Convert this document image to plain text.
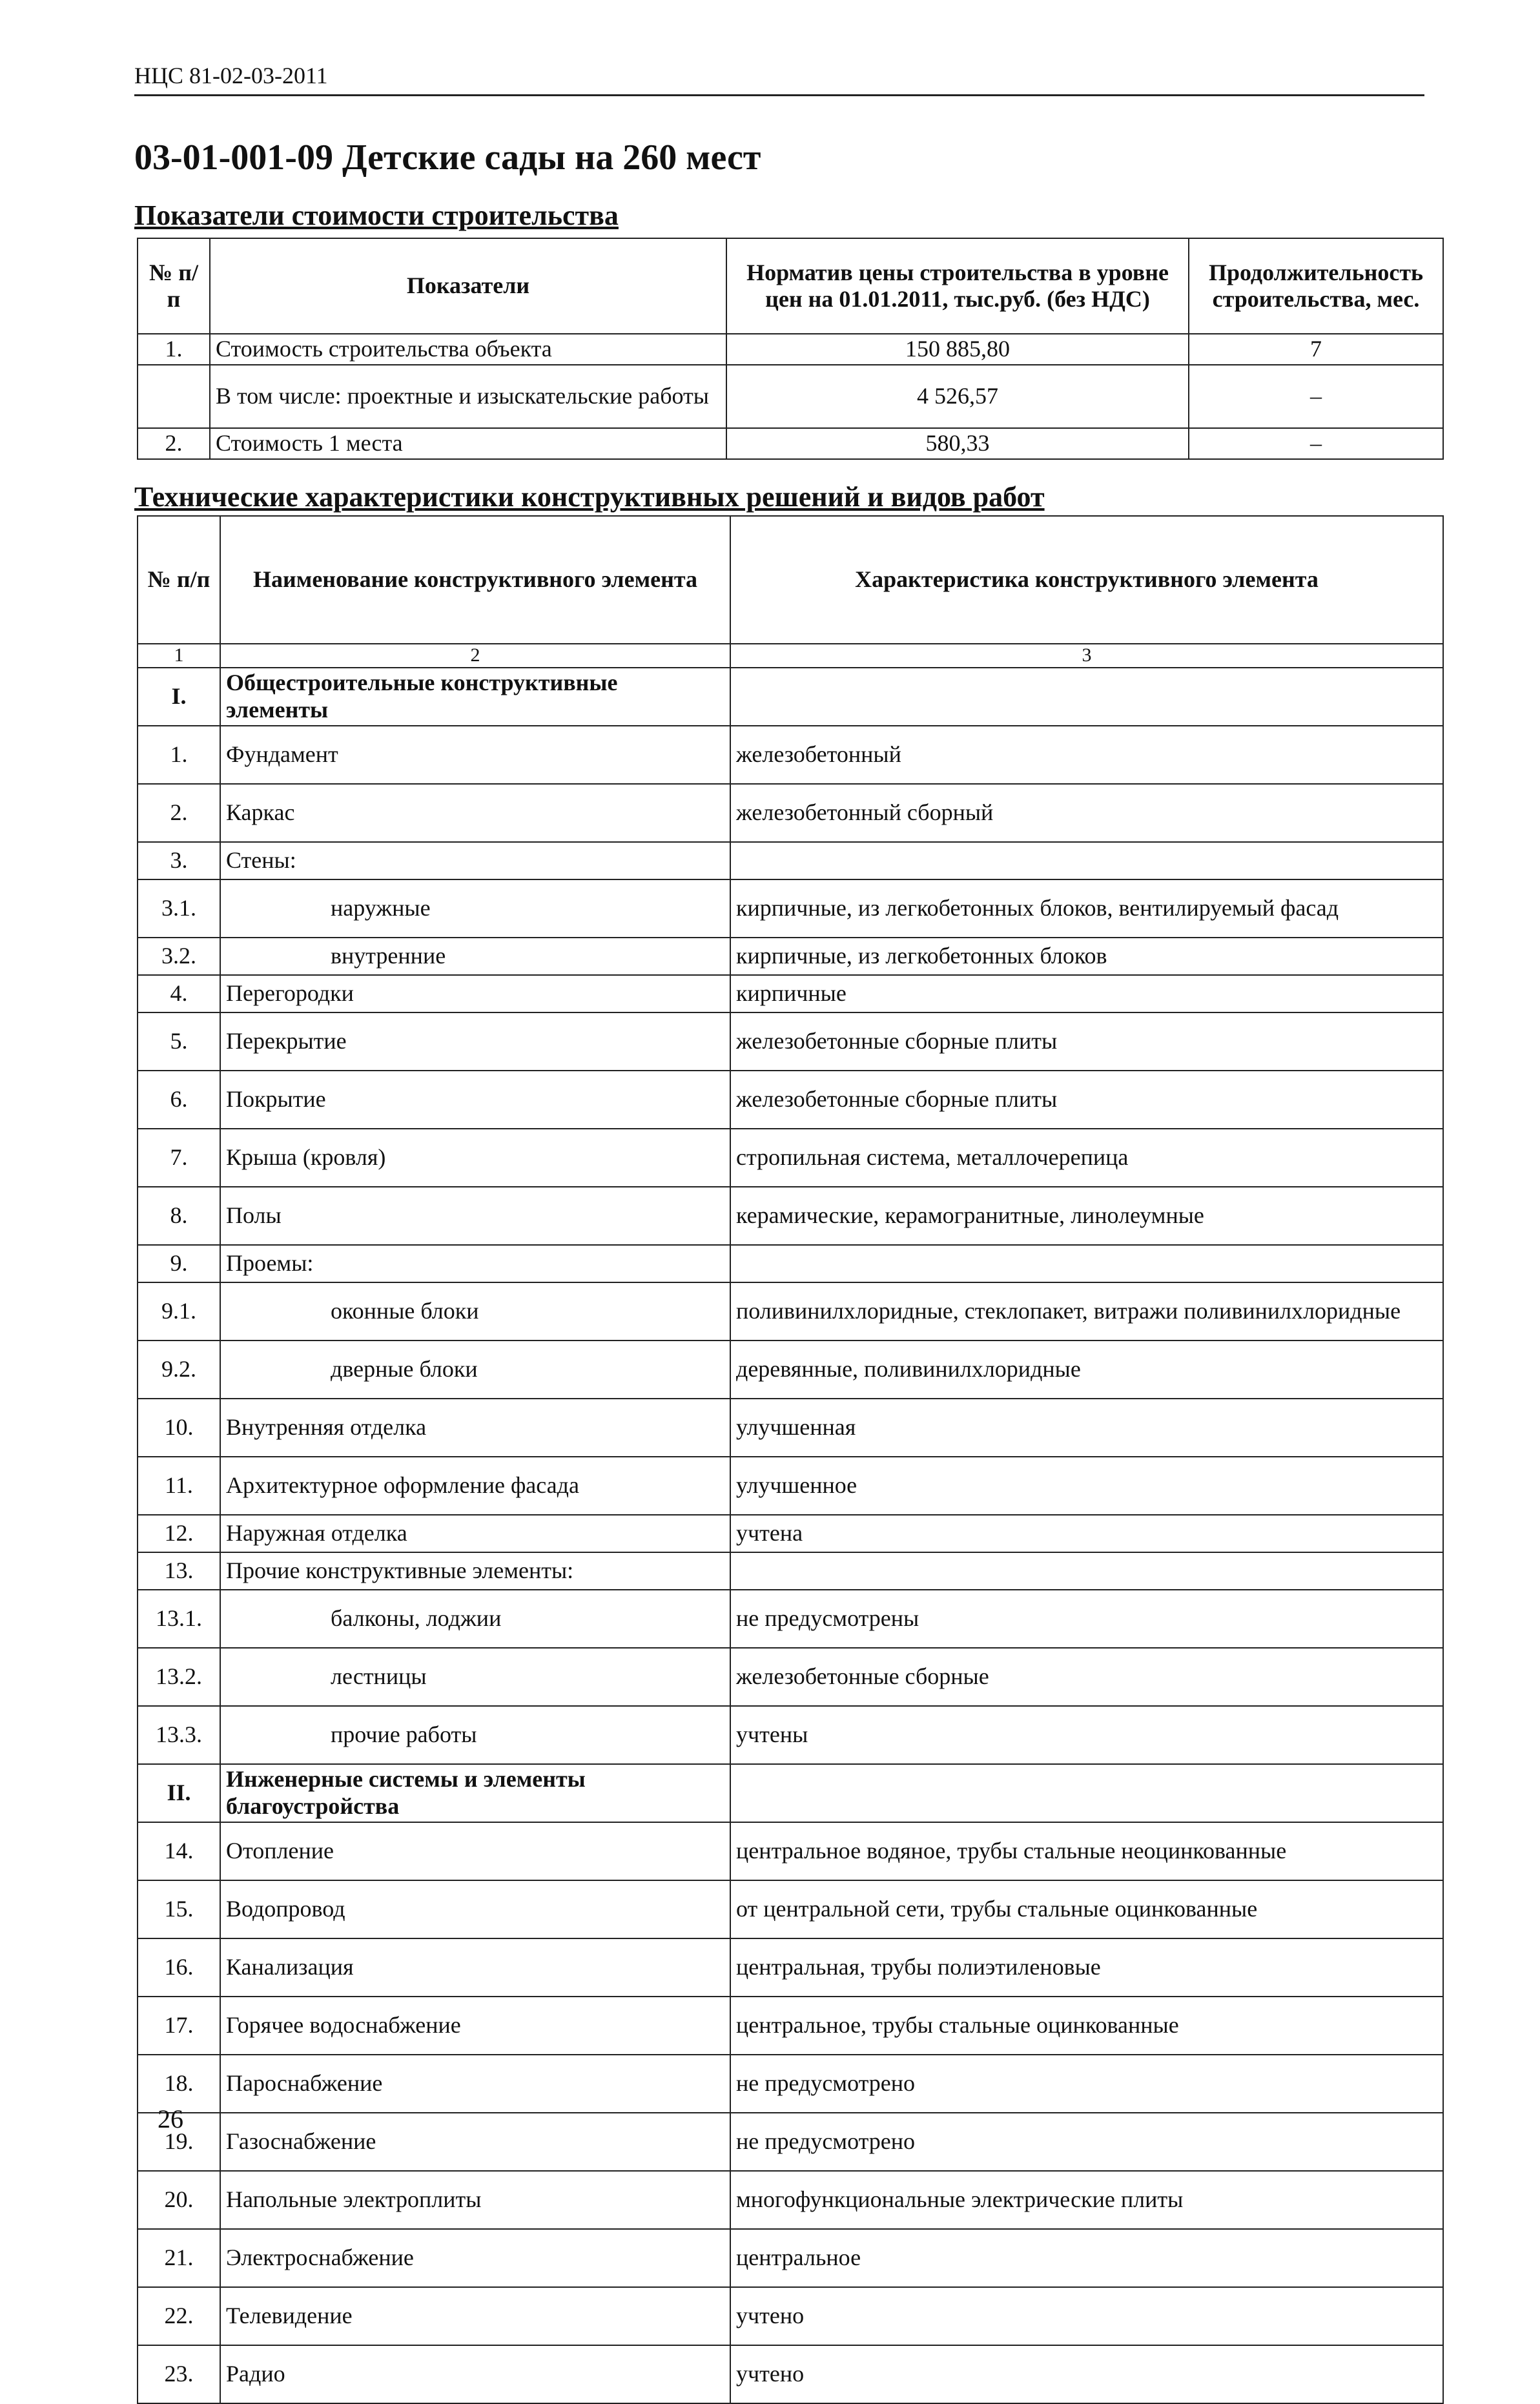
НЦС 81-02-03-2011
03-01-001-09 Детские сады на 260 мест
Показатели стоимости строительства
№ п/п	Показатели	Норматив цены строительства в уровне цен на 01.01.2011, тыс.руб. (без НДС)	Продолжительность строительства, мес.
1.	Стоимость строительства объекта	150 885,80	7
	В том числе: проектные и изыскательские работы	4 526,57	–
2.	Стоимость 1 места	580,33	–
Технические характеристики конструктивных решений и видов работ
№ п/п	Наименование конструктивного элемента	Характеристика конструктивного элемента
1	2	3
I.	Общестроительные конструктивные элементы	
1.	Фундамент	железобетонный
2.	Каркас	железобетонный сборный
3.	Стены:	
3.1.	наружные	кирпичные, из легкобетонных блоков, вентилируемый фасад
3.2.	внутренние	кирпичные, из легкобетонных блоков
4.	Перегородки	кирпичные
5.	Перекрытие	железобетонные сборные плиты
6.	Покрытие	железобетонные сборные плиты
7.	Крыша (кровля)	стропильная система, металлочерепица
8.	Полы	керамические, керамогранитные, линолеумные
9.	Проемы:	
9.1.	оконные блоки	поливинилхлоридные, стеклопакет, витражи поливинилхлоридные
9.2.	дверные блоки	деревянные, поливинилхлоридные
10.	Внутренняя отделка	улучшенная
11.	Архитектурное оформление фасада	улучшенное
12.	Наружная отделка	учтена
13.	Прочие конструктивные элементы:	
13.1.	балконы, лоджии	не предусмотрены
13.2.	лестницы	железобетонные сборные
13.3.	прочие работы	учтены
II.	Инженерные системы и элементы благоустройства	
14.	Отопление	центральное водяное, трубы стальные неоцинкованные
15.	Водопровод	от центральной сети, трубы стальные оцинкованные
16.	Канализация	центральная, трубы полиэтиленовые
17.	Горячее водоснабжение	центральное, трубы стальные оцинкованные
18.	Пароснабжение	не предусмотрено
19.	Газоснабжение	не предусмотрено
20.	Напольные электроплиты	многофункциональные электрические плиты
21.	Электроснабжение	центральное
22.	Телевидение	учтено
23.	Радио	учтено
26
